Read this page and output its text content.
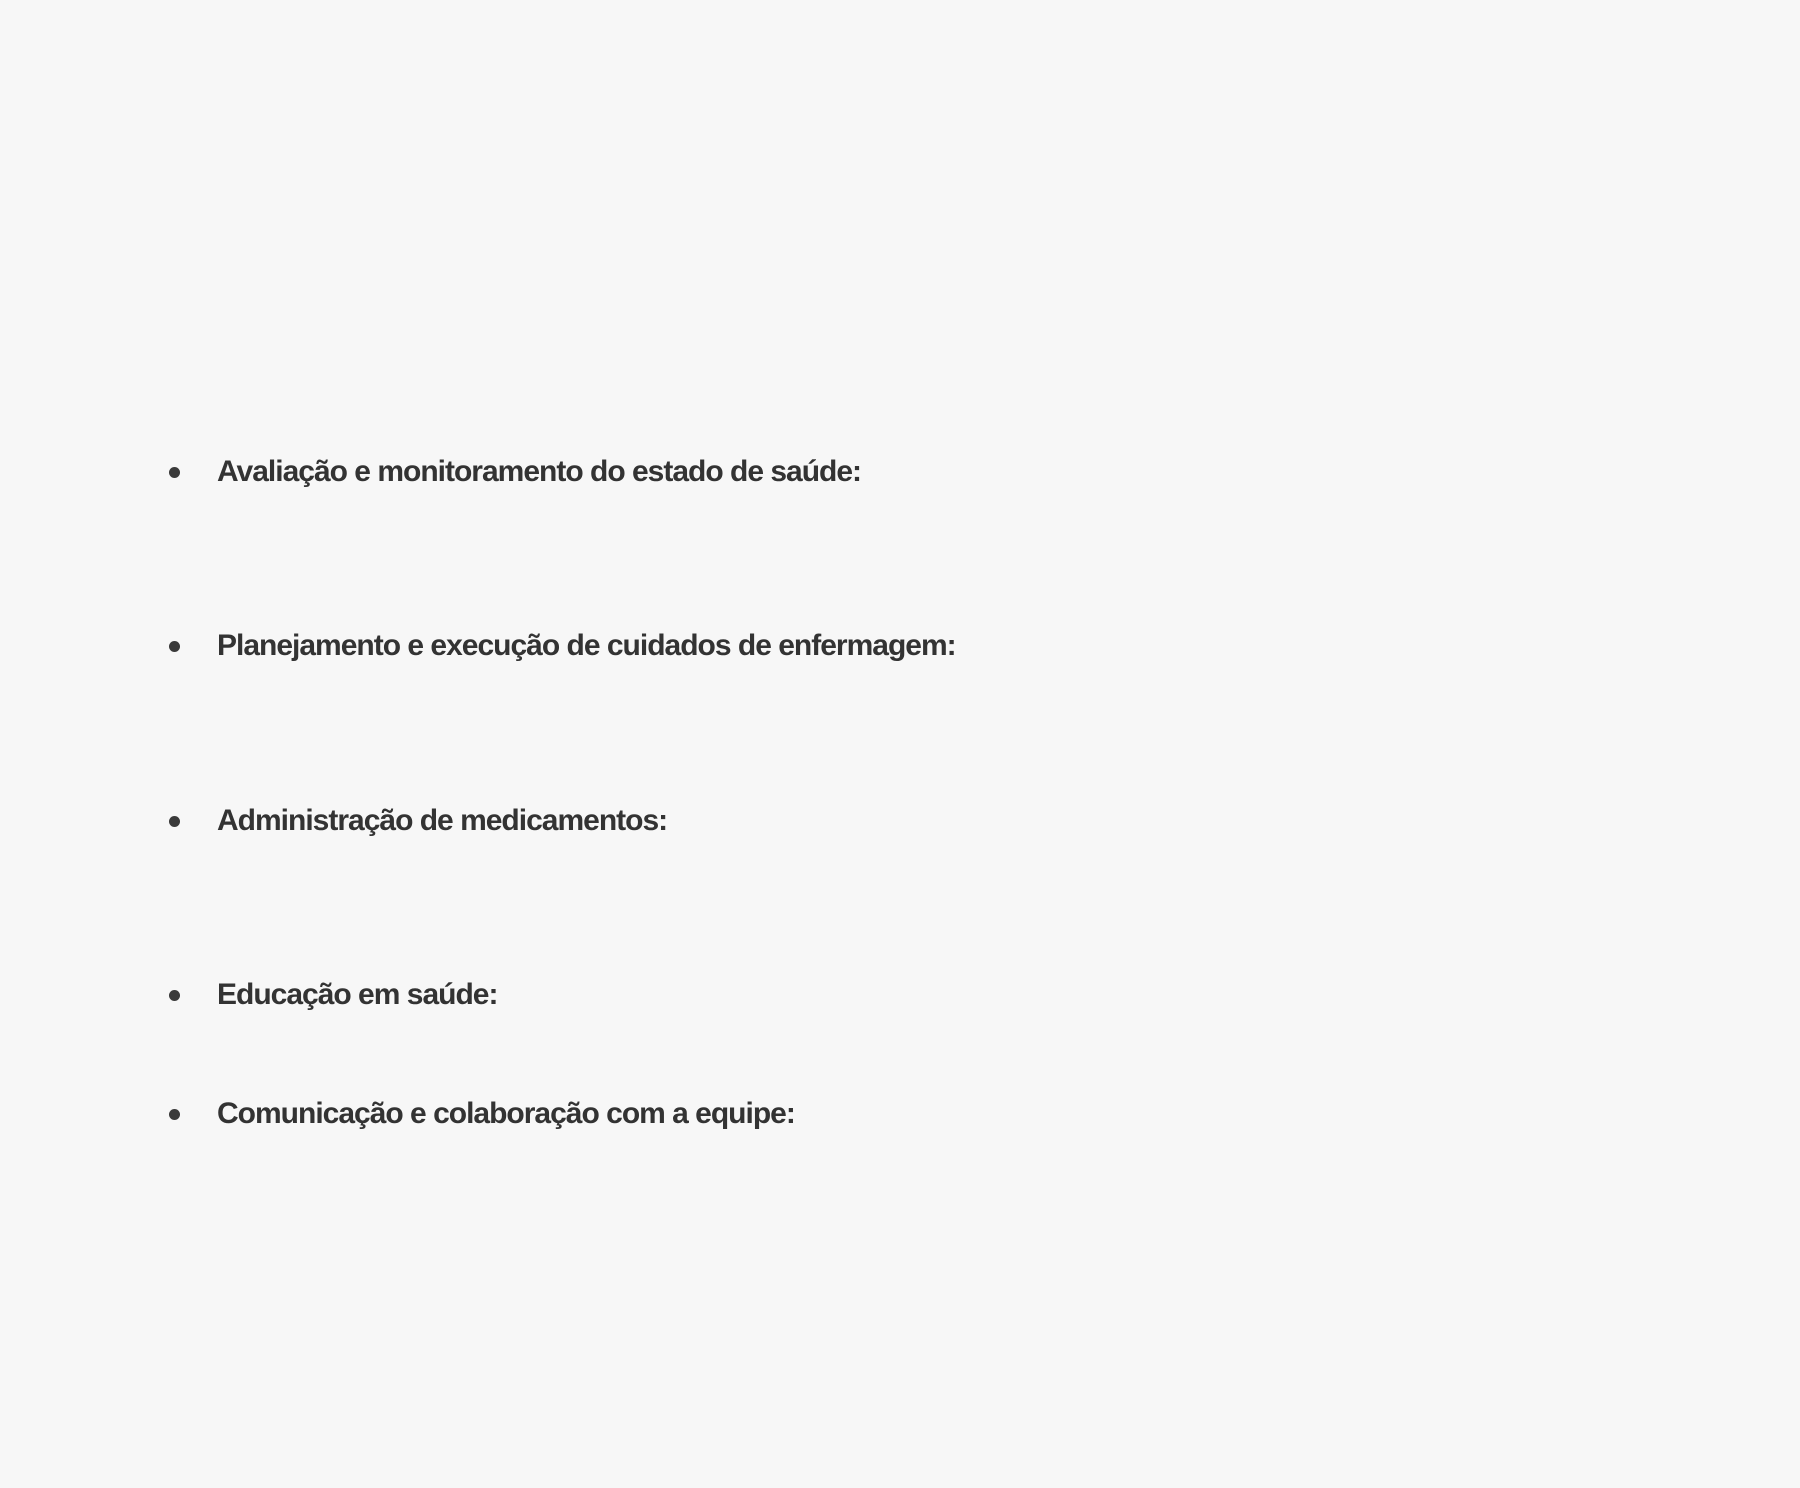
Avaliação e monitoramento do estado de saúde:
Planejamento e execução de cuidados de enfermagem:
Administração de medicamentos:
Educação em saúde:
Comunicação e colaboração com a equipe:
